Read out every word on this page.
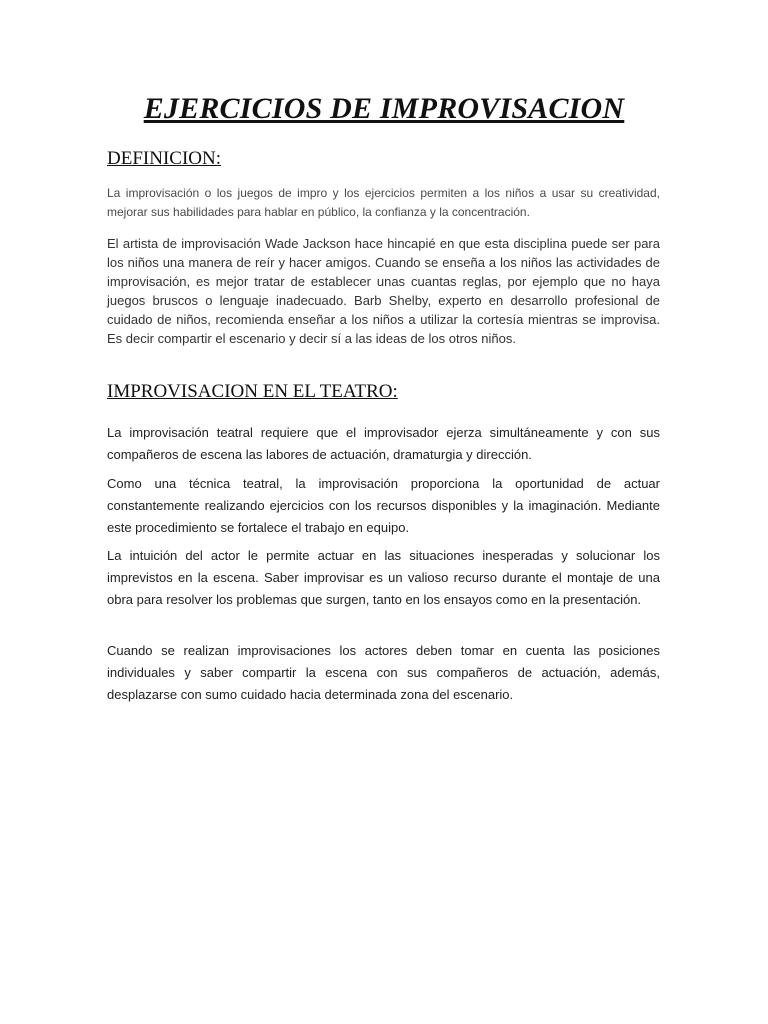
EJERCICIOS DE IMPROVISACION
DEFINICION:

La improvisación o los juegos de impro y los ejercicios permiten a los niños a usar su creatividad, mejorar sus habilidades para hablar en público, la confianza y la concentración.

El artista de improvisación Wade Jackson hace hincapié en que esta disciplina puede ser para los niños una manera de reír y hacer amigos. Cuando se enseña a los niños las actividades de improvisación, es mejor tratar de establecer unas cuantas reglas, por ejemplo que no haya juegos bruscos o lenguaje inadecuado. Barb Shelby, experto en desarrollo profesional de cuidado de niños, recomienda enseñar a los niños a utilizar la cortesía mientras se improvisa. Es decir compartir el escenario y decir sí a las ideas de los otros niños.

IMPROVISACION EN EL TEATRO:

La improvisación teatral requiere que el improvisador ejerza simultáneamente y con sus compañeros de escena las labores de actuación, dramaturgia y dirección.

Como una técnica teatral, la improvisación proporciona la oportunidad de actuar constantemente realizando ejercicios con los recursos disponibles y la imaginación. Mediante este procedimiento se fortalece el trabajo en equipo.

La intuición del actor le permite actuar en las situaciones inesperadas y solucionar los imprevistos en la escena. Saber improvisar es un valioso recurso durante el montaje de una obra para resolver los problemas que surgen, tanto en los ensayos como en la presentación.

Cuando se realizan improvisaciones los actores deben tomar en cuenta las posiciones individuales y saber compartir la escena con sus compañeros de actuación, además, desplazarse con sumo cuidado hacia determinada zona del escenario.
